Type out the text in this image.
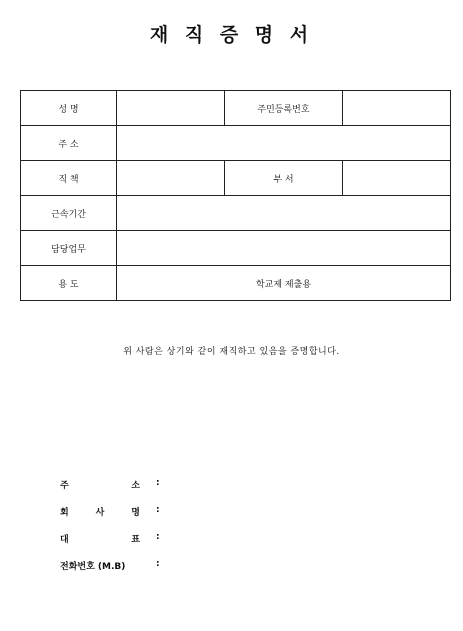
재 직 증 명 서
성 명		주민등록번호	
주 소			
직 책		부 서	
근속기간			
담당업무			
용 도	학교제 제출용		
위 사람은 상기와 같이 재직하고 있음을 증명합니다.
주	소 :
회	사	명 :
대	표 :
전화번호 (M.B)	:
